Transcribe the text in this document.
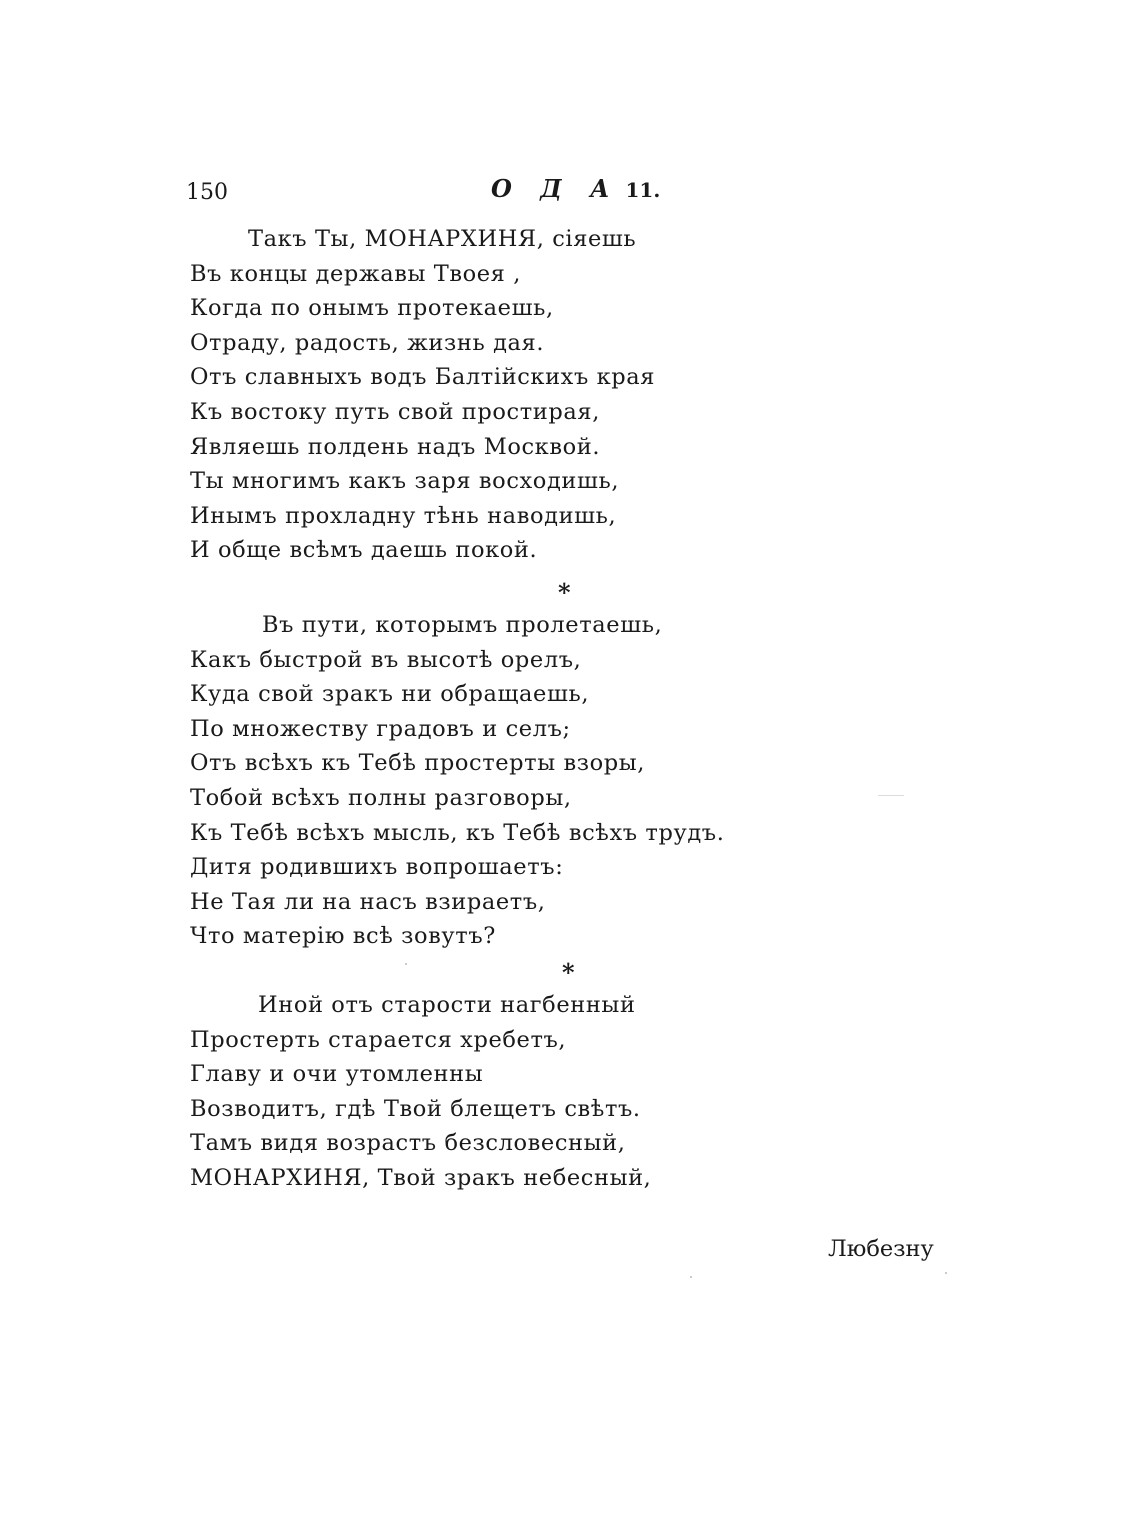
150	О Д А 11.
Такъ Ты, МОНАРХИНЯ, сіяешь
Въ концы державы Твоея ,
Когда по онымъ протекаешь,
Отраду, радость, жизнь дая.
Отъ славныхъ водъ Балтійскихъ края
Къ востоку путь свой простирая,
Являешь полдень надъ Москвой.
Ты многимъ какъ заря восходишь,
Инымъ прохладну тѣнь наводишь,
И обще всѣмъ даешь покой.
*
Въ пути, которымъ пролетаешь,
Какъ быстрой въ высотѣ орелъ,
Куда свой зракъ ни обращаешь,
По множеству градовъ и селъ;
Отъ всѣхъ къ Тебѣ простерты взоры,
Тобой всѣхъ полны разговоры,
Къ Тебѣ всѣхъ мысль, къ Тебѣ всѣхъ трудъ.
Дитя родившихъ вопрошаетъ:
Не Тая ли на насъ взираетъ,
Что матерію всѣ зовутъ?
*
Иной отъ старости нагбенный
Простерть старается хребетъ,
Главу и очи утомленны
Возводитъ, гдѣ Твой блещетъ свѣтъ.
Тамъ видя возрастъ безсловесный,
МОНАРХИНЯ, Твой зракъ небесный,
Любезну
